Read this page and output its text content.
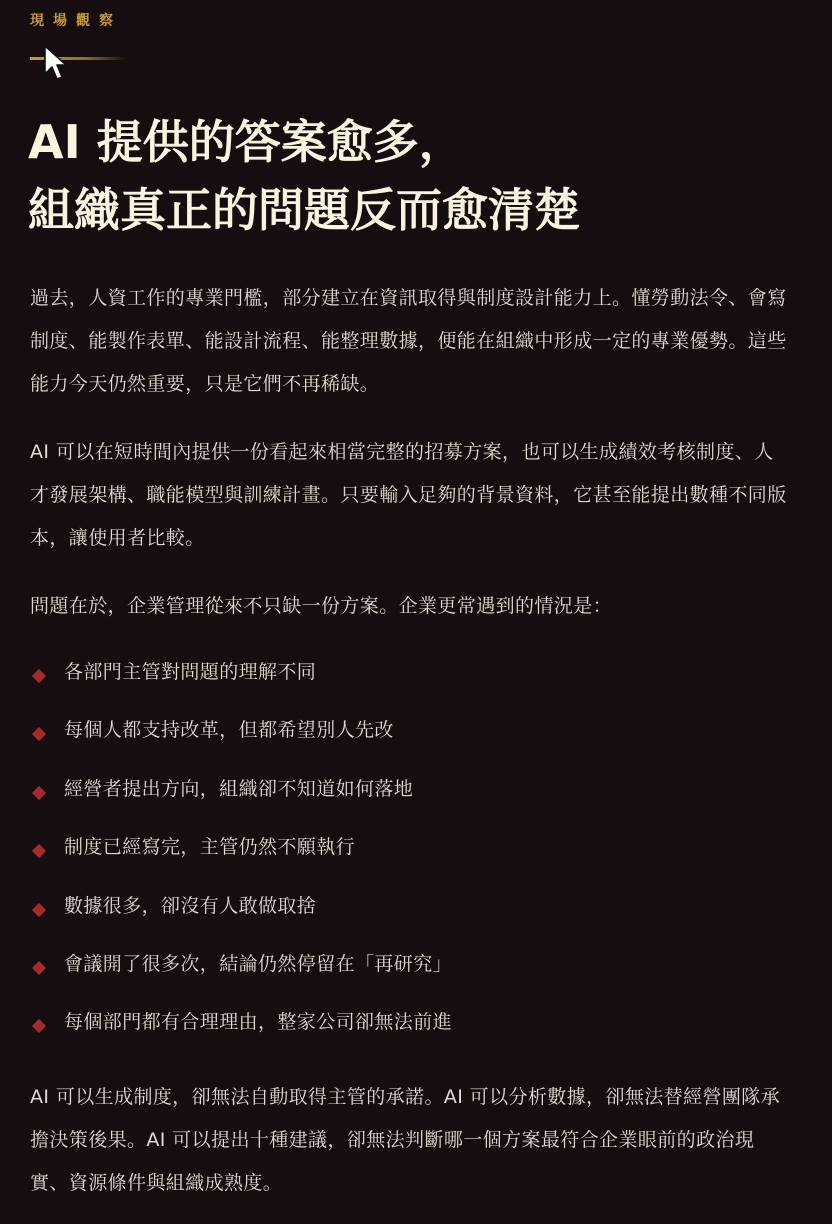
現場觀察
AI 提供的答案愈多，
組織真正的問題反而愈清楚

過去，人資工作的專業門檻，部分建立在資訊取得與制度設計能力上。懂勞動法令、會寫制度、能製作表單、能設計流程、能整理數據，便能在組織中形成一定的專業優勢。這些能力今天仍然重要，只是它們不再稀缺。

AI 可以在短時間內提供一份看起來相當完整的招募方案，也可以生成績效考核制度、人才發展架構、職能模型與訓練計畫。只要輸入足夠的背景資料，它甚至能提出數種不同版本，讓使用者比較。

問題在於，企業管理從來不只缺一份方案。企業更常遇到的情況是：

各部門主管對問題的理解不同
每個人都支持改革，但都希望別人先改
經營者提出方向，組織卻不知道如何落地
制度已經寫完，主管仍然不願執行
數據很多，卻沒有人敢做取捨
會議開了很多次，結論仍然停留在「再研究」
每個部門都有合理理由，整家公司卻無法前進

AI 可以生成制度，卻無法自動取得主管的承諾。AI 可以分析數據，卻無法替經營團隊承擔決策後果。AI 可以提出十種建議，卻無法判斷哪一個方案最符合企業眼前的政治現實、資源條件與組織成熟度。
